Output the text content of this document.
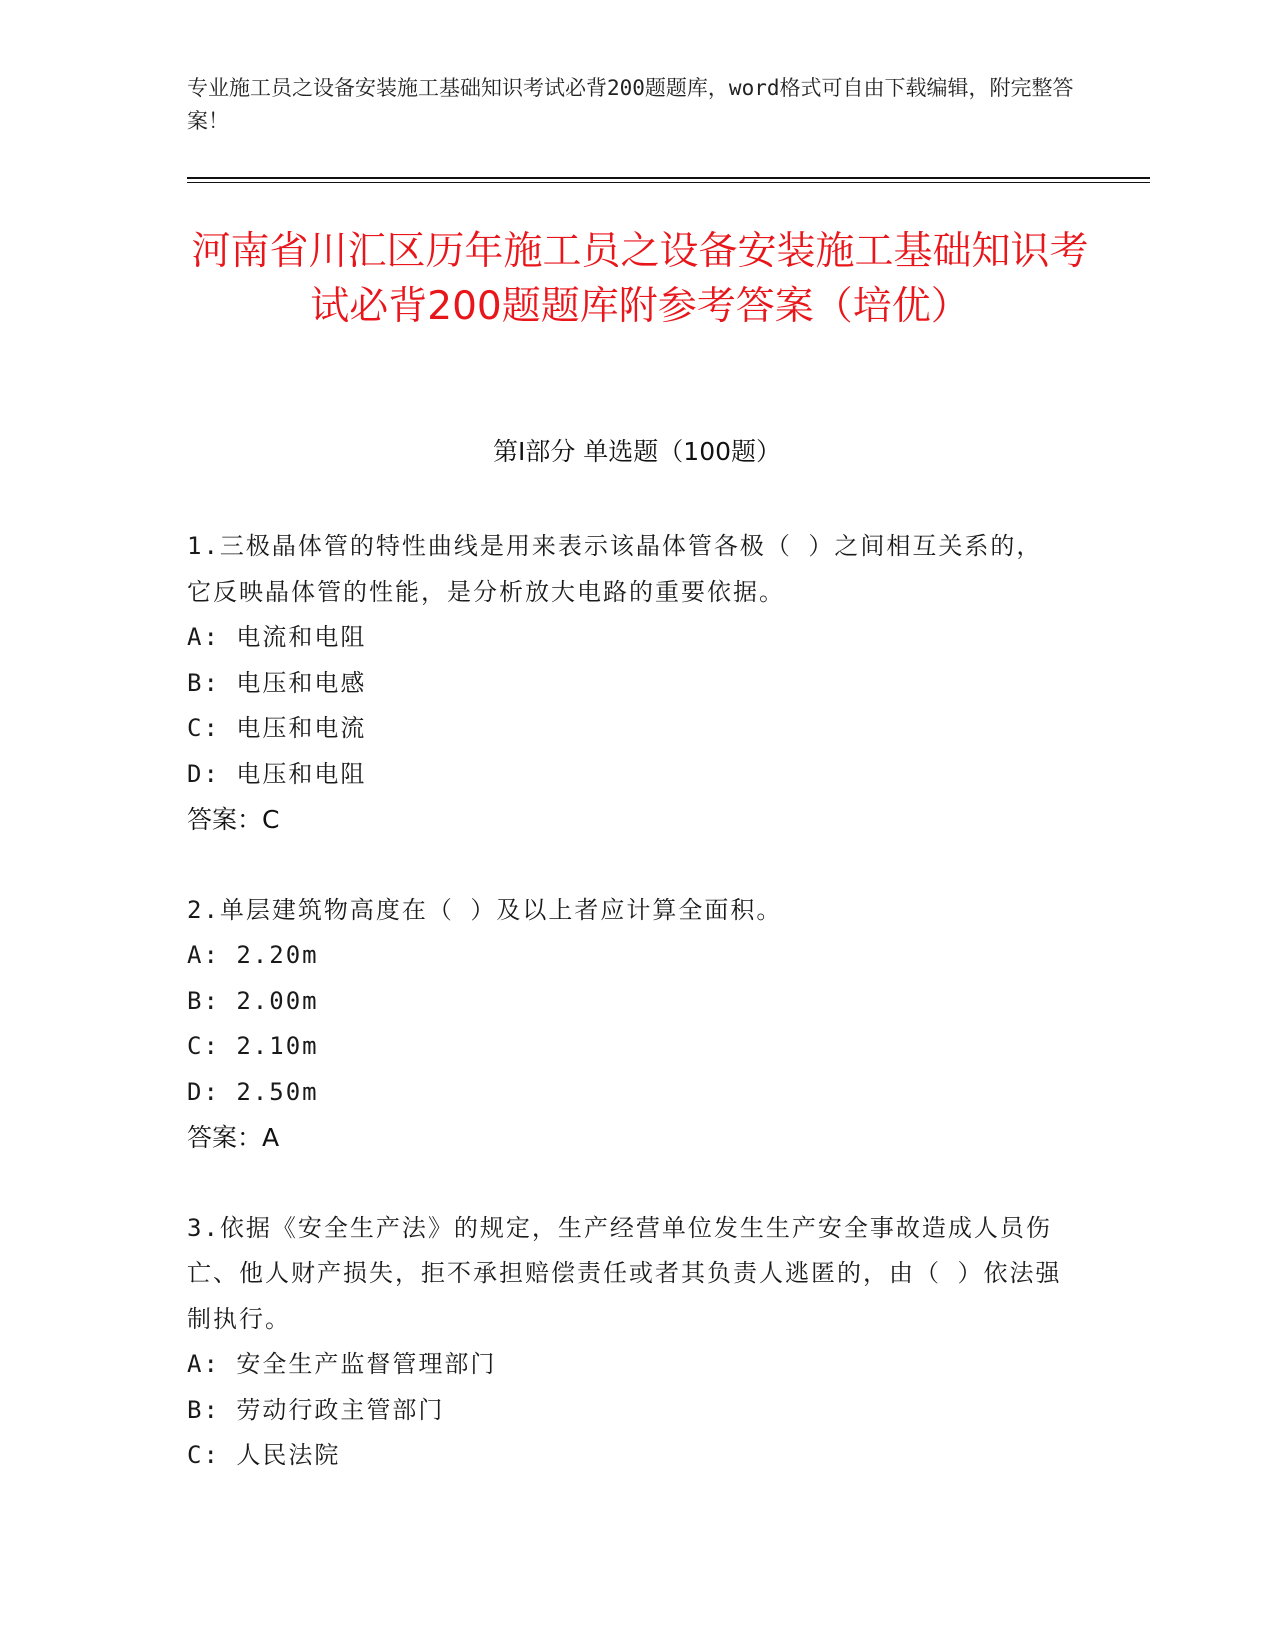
专业施工员之设备安装施工基础知识考试必背200题题库，word格式可自由下载编辑，附完整答案！
河南省川汇区历年施工员之设备安装施工基础知识考试必背200题题库附参考答案（培优）
第Ⅰ部分 单选题（100题）
1.三极晶体管的特性曲线是用来表示该晶体管各极（ ）之间相互关系的，它反映晶体管的性能，是分析放大电路的重要依据。
A: 电流和电阻
B: 电压和电感
C: 电压和电流
D: 电压和电阻
答案：C
2.单层建筑物高度在（ ）及以上者应计算全面积。
A: 2.20m
B: 2.00m
C: 2.10m
D: 2.50m
答案：A
3.依据《安全生产法》的规定，生产经营单位发生生产安全事故造成人员伤亡、他人财产损失，拒不承担赔偿责任或者其负责人逃匿的，由（ ）依法强制执行。
A: 安全生产监督管理部门
B: 劳动行政主管部门
C: 人民法院
